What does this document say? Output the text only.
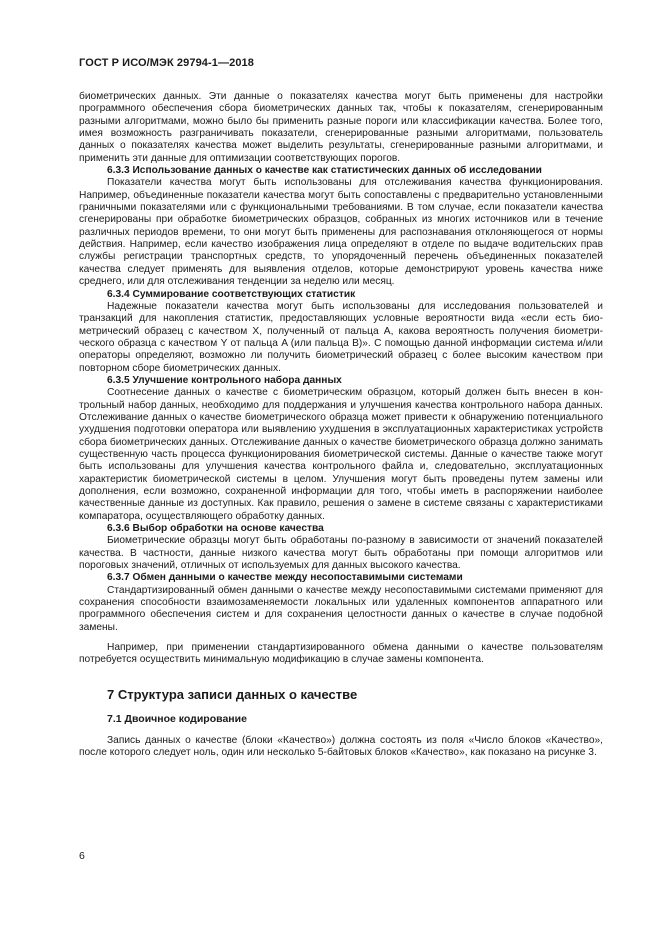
ГОСТ Р ИСО/МЭК 29794-1—2018

биометрических данных. Эти данные о показателях качества могут быть применены для настройки программного обеспечения сбора биометрических данных так, чтобы к показателям, сгенерированным разными алгоритмами, можно было бы применить разные пороги или классификации качества. Более того, имея возможность разграничивать показатели, сгенерированные разными алгоритмами, пользователь данных о показателях качества может выделить результаты, сгенерированные разными алгоритмами, и применить эти данные для оптимизации соответствующих порогов.

6.3.3 Использование данных о качестве как статистических данных об исследовании

Показатели качества могут быть использованы для отслеживания качества функционирования. Например, объединенные показатели качества могут быть сопоставлены с предварительно установленными граничными показателями или с функциональными требованиями. В том случае, если показатели качества сгенерированы при обработке биометрических образцов, собранных из многих источников или в течение различных периодов времени, то они могут быть применены для распознавания отклоняющегося от нормы действия. Например, если качество изображения лица определяют в отделе по выдаче водительских прав службы регистрации транспортных средств, то упорядоченный перечень объединенных показателей качества следует применять для выявления отделов, которые демонстрируют уровень качества ниже среднего, или для отслеживания тенденции за неделю или месяц.

6.3.4 Суммирование соответствующих статистик

Надежные показатели качества могут быть использованы для исследования пользователей и транзакций для накопления статистик, предоставляющих условные вероятности вида «если есть биометрический образец с качеством X, полученный от пальца A, какова вероятность получения биометрического образца с качеством Y от пальца A (или пальца B)». С помощью данной информации система и/или операторы определяют, возможно ли получить биометрический образец с более высоким качеством при повторном сборе биометрических данных.

6.3.5 Улучшение контрольного набора данных

Соотнесение данных о качестве с биометрическим образцом, который должен быть внесен в контрольный набор данных, необходимо для поддержания и улучшения качества контрольного набора данных. Отслеживание данных о качестве биометрического образца может привести к обнаружению потенциального ухудшения подготовки оператора или выявлению ухудшения в эксплуатационных характеристиках устройств сбора биометрических данных. Отслеживание данных о качестве биометрического образца должно занимать существенную часть процесса функционирования биометрической системы. Данные о качестве также могут быть использованы для улучшения качества контрольного файла и, следовательно, эксплуатационных характеристик биометрической системы в целом. Улучшения могут быть проведены путем замены или дополнения, если возможно, сохраненной информации для того, чтобы иметь в распоряжении наиболее качественные данные из доступных. Как правило, решения о замене в системе связаны с характеристиками компаратора, осуществляющего обработку данных.

6.3.6 Выбор обработки на основе качества

Биометрические образцы могут быть обработаны по-разному в зависимости от значений показателей качества. В частности, данные низкого качества могут быть обработаны при помощи алгоритмов или пороговых значений, отличных от используемых для данных высокого качества.

6.3.7 Обмен данными о качестве между несопоставимыми системами

Стандартизированный обмен данными о качестве между несопоставимыми системами применяют для сохранения способности взаимозаменяемости локальных или удаленных компонентов аппаратного или программного обеспечения систем и для сохранения целостности данных о качестве в случае подобной замены.

Например, при применении стандартизированного обмена данными о качестве пользователям потребуется осуществить минимальную модификацию в случае замены компонента.

7 Структура записи данных о качестве
7.1 Двоичное кодирование

Запись данных о качестве (блоки «Качество») должна состоять из поля «Число блоков «Качество», после которого следует ноль, один или несколько 5-байтовых блоков «Качество», как показано на рисунке 3.

6
